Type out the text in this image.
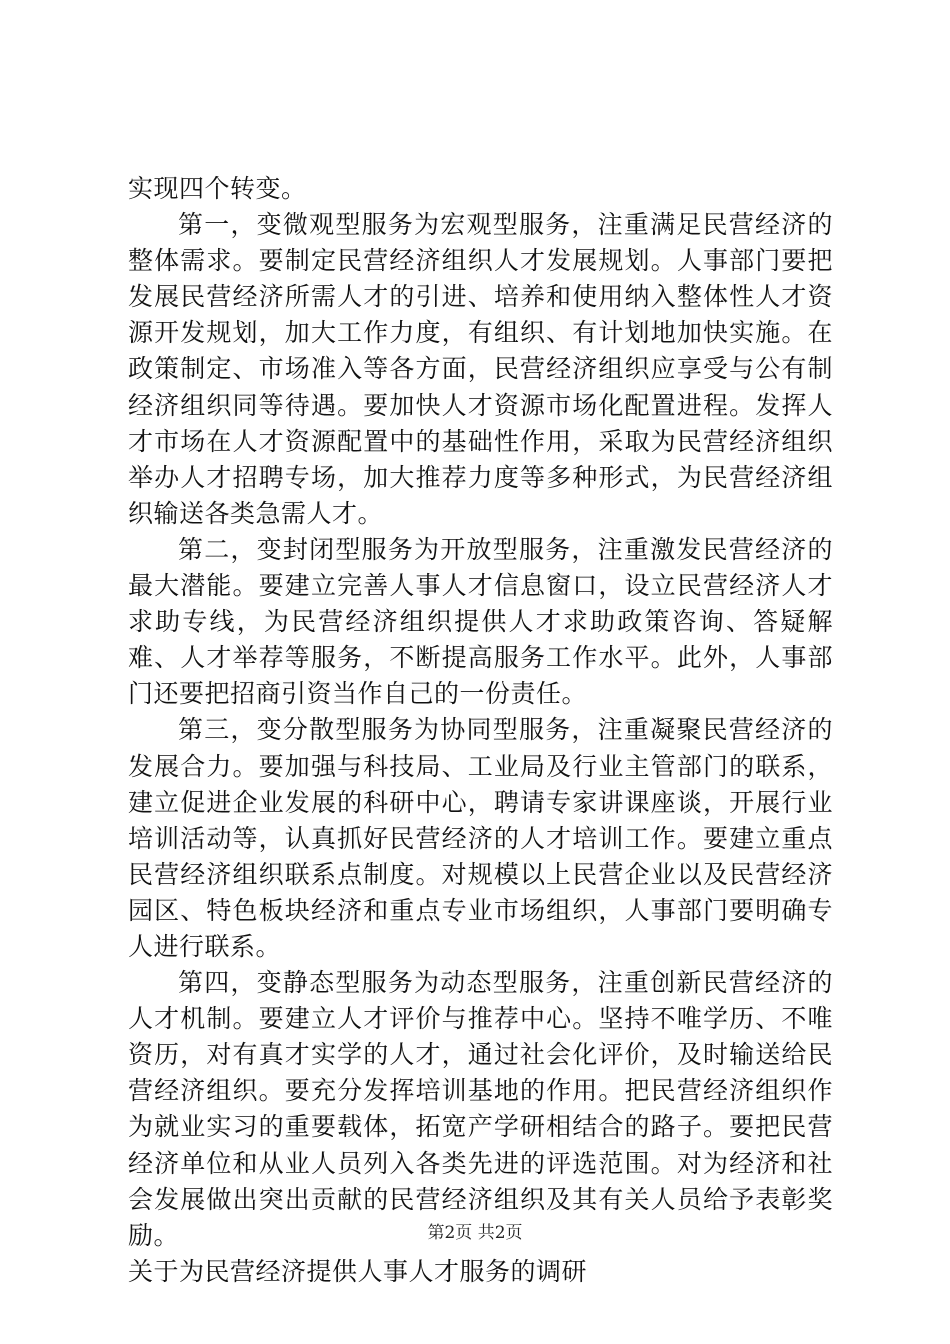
实现四个转变。

第一，变微观型服务为宏观型服务，注重满足民营经济的整体需求。要制定民营经济组织人才发展规划。人事部门要把发展民营经济所需人才的引进、培养和使用纳入整体性人才资源开发规划，加大工作力度，有组织、有计划地加快实施。在政策制定、市场准入等各方面，民营经济组织应享受与公有制经济组织同等待遇。要加快人才资源市场化配置进程。发挥人才市场在人才资源配置中的基础性作用，采取为民营经济组织举办人才招聘专场，加大推荐力度等多种形式，为民营经济组织输送各类急需人才。

第二，变封闭型服务为开放型服务，注重激发民营经济的最大潜能。要建立完善人事人才信息窗口，设立民营经济人才求助专线，为民营经济组织提供人才求助政策咨询、答疑解难、人才举荐等服务，不断提高服务工作水平。此外，人事部门还要把招商引资当作自己的一份责任。

第三，变分散型服务为协同型服务，注重凝聚民营经济的发展合力。要加强与科技局、工业局及行业主管部门的联系，建立促进企业发展的科研中心，聘请专家讲课座谈，开展行业培训活动等，认真抓好民营经济的人才培训工作。要建立重点民营经济组织联系点制度。对规模以上民营企业以及民营经济园区、特色板块经济和重点专业市场组织，人事部门要明确专人进行联系。

第四，变静态型服务为动态型服务，注重创新民营经济的人才机制。要建立人才评价与推荐中心。坚持不唯学历、不唯资历，对有真才实学的人才，通过社会化评价，及时输送给民营经济组织。要充分发挥培训基地的作用。把民营经济组织作为就业实习的重要载体，拓宽产学研相结合的路子。要把民营经济单位和从业人员列入各类先进的评选范围。对为经济和社会发展做出突出贡献的民营经济组织及其有关人员给予表彰奖励。

关于为民营经济提供人事人才服务的调研

第2页 共2页
